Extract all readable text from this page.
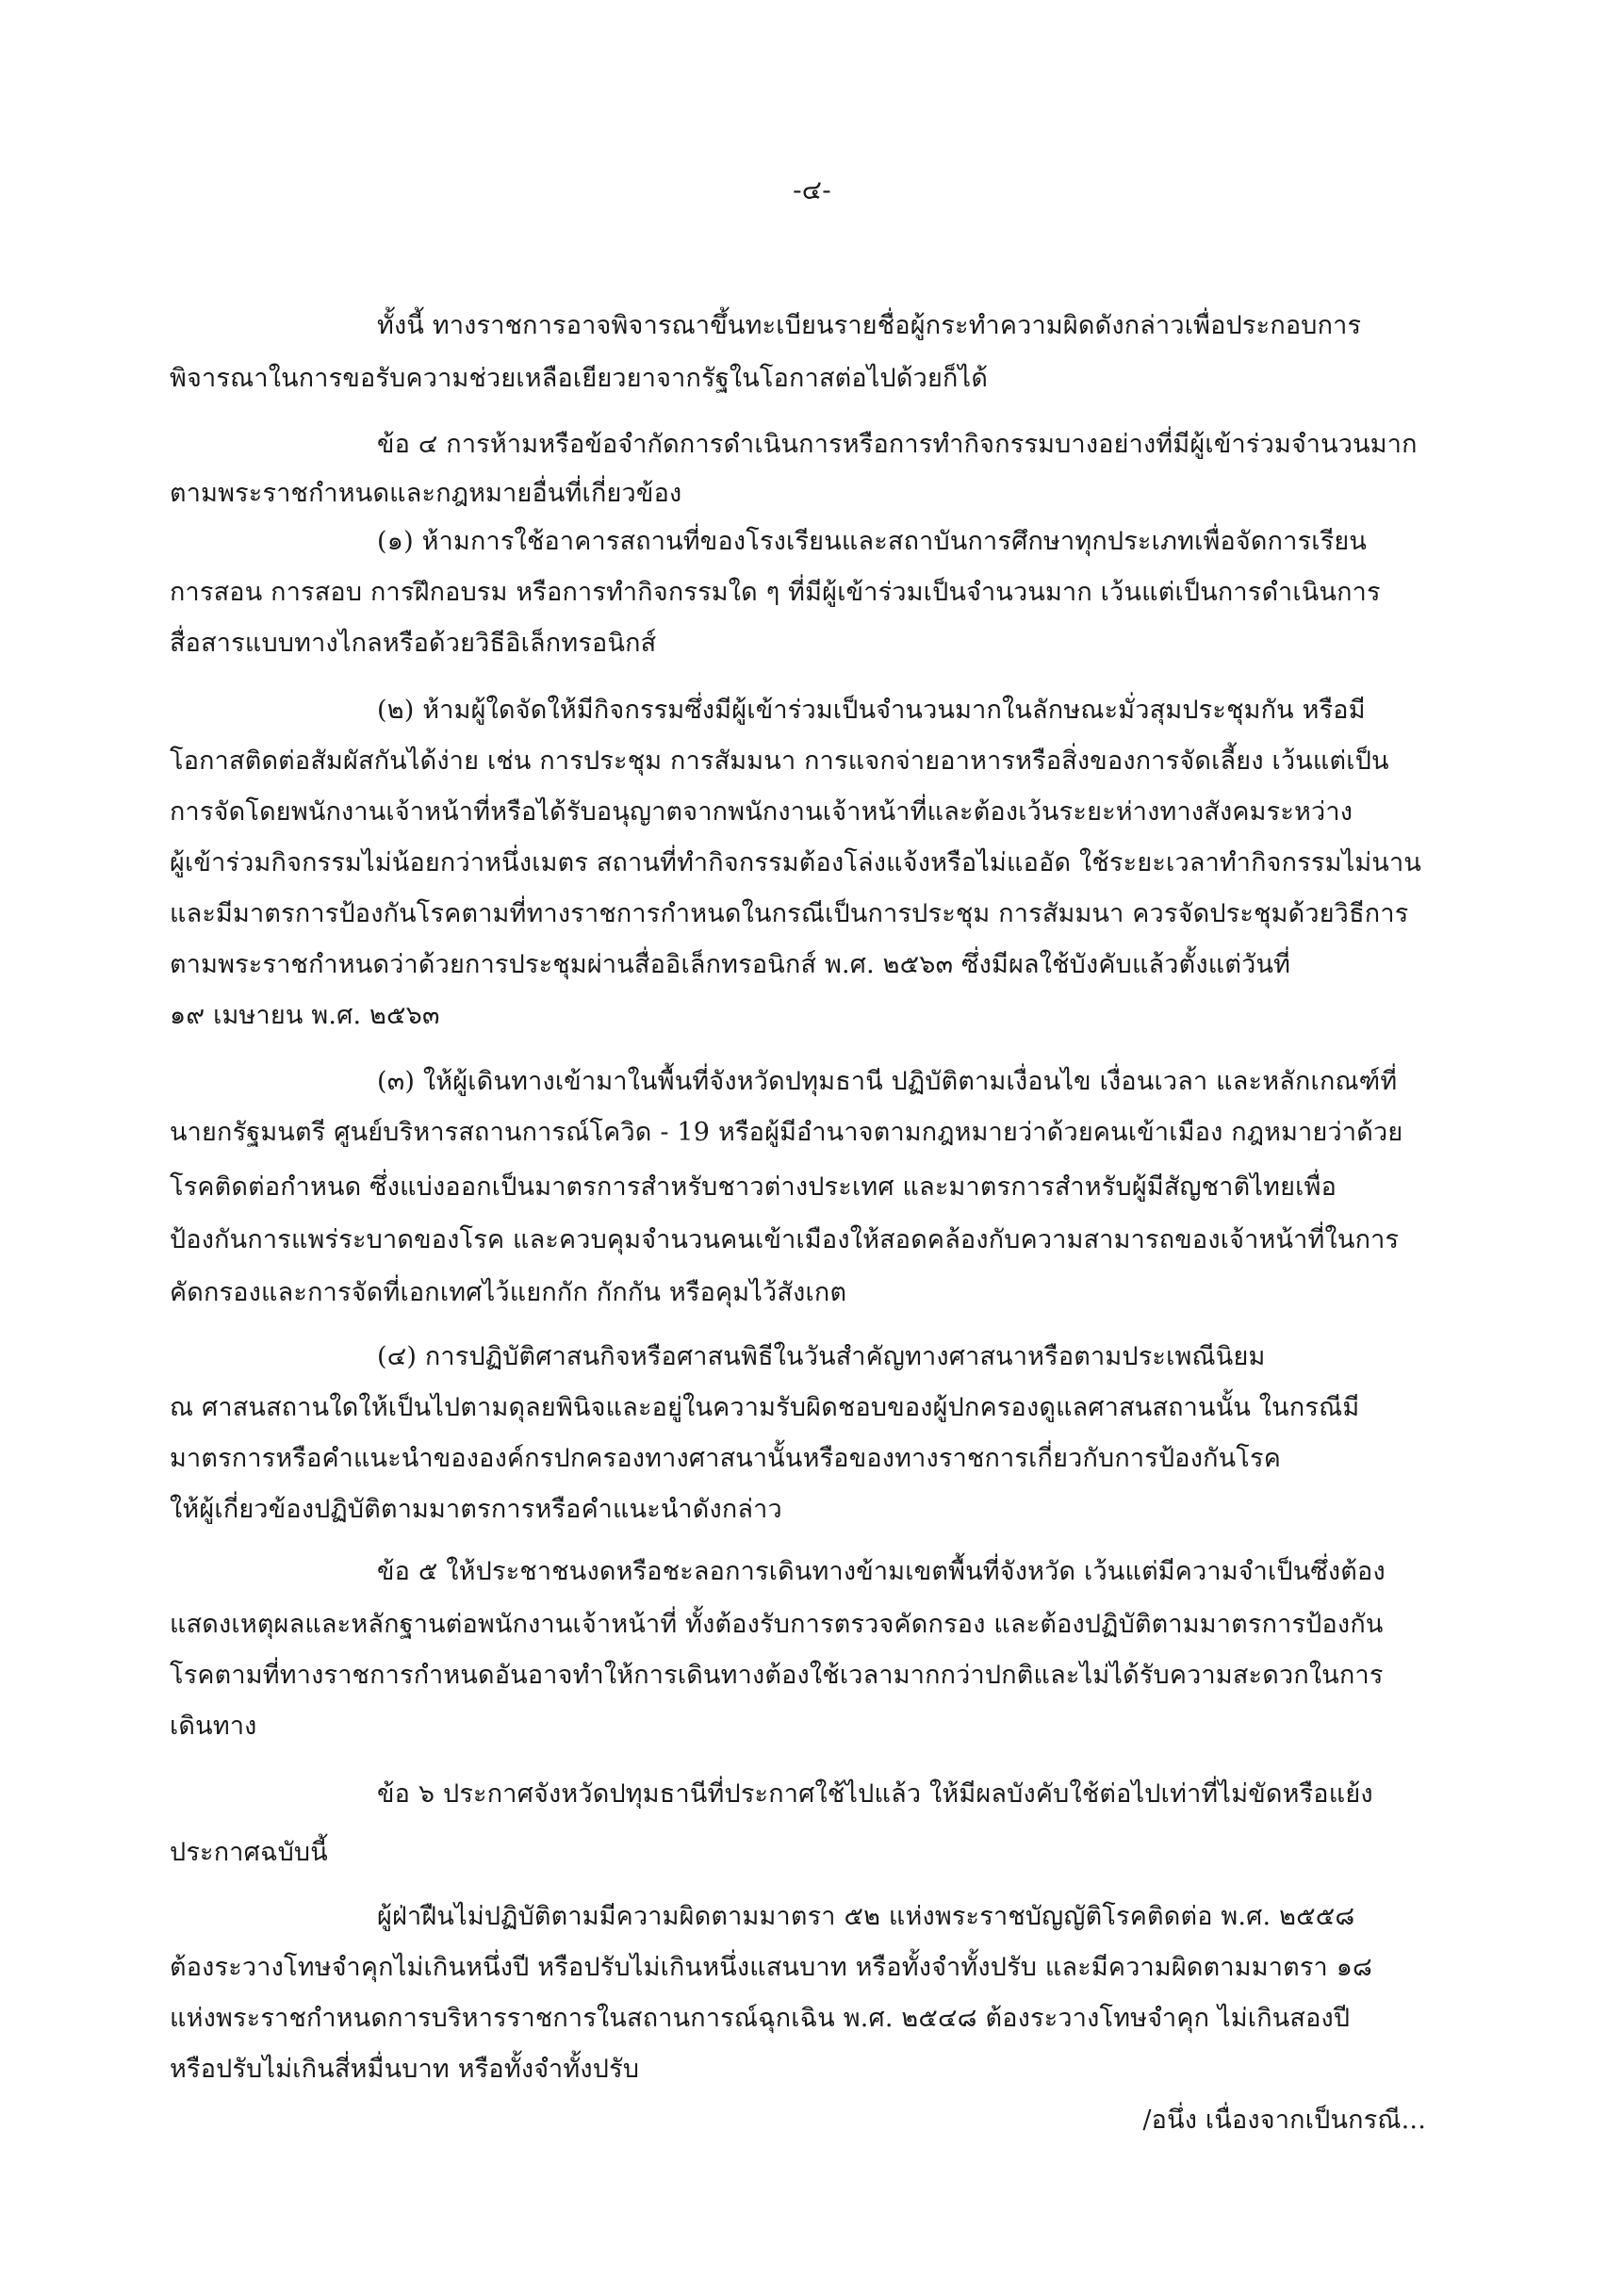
-๔-
ทั้งนี้ ทางราชการอาจพิจารณาขึ้นทะเบียนรายชื่อผู้กระทำความผิดดังกล่าวเพื่อประกอบการ
พิจารณาในการขอรับความช่วยเหลือเยียวยาจากรัฐในโอกาสต่อไปด้วยก็ได้
ข้อ ๔ การห้ามหรือข้อจำกัดการดำเนินการหรือการทำกิจกรรมบางอย่างที่มีผู้เข้าร่วมจำนวนมาก
ตามพระราชกำหนดและกฎหมายอื่นที่เกี่ยวข้อง
(๑) ห้ามการใช้อาคารสถานที่ของโรงเรียนและสถาบันการศึกษาทุกประเภทเพื่อจัดการเรียน
การสอน การสอบ การฝึกอบรม หรือการทำกิจกรรมใด ๆ ที่มีผู้เข้าร่วมเป็นจำนวนมาก เว้นแต่เป็นการดำเนินการ
สื่อสารแบบทางไกลหรือด้วยวิธีอิเล็กทรอนิกส์
(๒) ห้ามผู้ใดจัดให้มีกิจกรรมซึ่งมีผู้เข้าร่วมเป็นจำนวนมากในลักษณะมั่วสุมประชุมกัน หรือมี
โอกาสติดต่อสัมผัสกันได้ง่าย เช่น การประชุม การสัมมนา การแจกจ่ายอาหารหรือสิ่งของการจัดเลี้ยง เว้นแต่เป็น
การจัดโดยพนักงานเจ้าหน้าที่หรือได้รับอนุญาตจากพนักงานเจ้าหน้าที่และต้องเว้นระยะห่างทางสังคมระหว่าง
ผู้เข้าร่วมกิจกรรมไม่น้อยกว่าหนึ่งเมตร สถานที่ทำกิจกรรมต้องโล่งแจ้งหรือไม่แออัด ใช้ระยะเวลาทำกิจกรรมไม่นาน
และมีมาตรการป้องกันโรคตามที่ทางราชการกำหนดในกรณีเป็นการประชุม การสัมมนา ควรจัดประชุมด้วยวิธีการ
ตามพระราชกำหนดว่าด้วยการประชุมผ่านสื่ออิเล็กทรอนิกส์ พ.ศ. ๒๕๖๓ ซึ่งมีผลใช้บังคับแล้วตั้งแต่วันที่
๑๙ เมษายน พ.ศ. ๒๕๖๓
(๓) ให้ผู้เดินทางเข้ามาในพื้นที่จังหวัดปทุมธานี ปฏิบัติตามเงื่อนไข เงื่อนเวลา และหลักเกณฑ์ที่
นายกรัฐมนตรี ศูนย์บริหารสถานการณ์โควิด - 19 หรือผู้มีอำนาจตามกฎหมายว่าด้วยคนเข้าเมือง กฎหมายว่าด้วย
โรคติดต่อกำหนด ซึ่งแบ่งออกเป็นมาตรการสำหรับชาวต่างประเทศ และมาตรการสำหรับผู้มีสัญชาติไทยเพื่อ
ป้องกันการแพร่ระบาดของโรค และควบคุมจำนวนคนเข้าเมืองให้สอดคล้องกับความสามารถของเจ้าหน้าที่ในการ
คัดกรองและการจัดที่เอกเทศไว้แยกกัก กักกัน หรือคุมไว้สังเกต
(๔) การปฏิบัติศาสนกิจหรือศาสนพิธีในวันสำคัญทางศาสนาหรือตามประเพณีนิยม
ณ ศาสนสถานใดให้เป็นไปตามดุลยพินิจและอยู่ในความรับผิดชอบของผู้ปกครองดูแลศาสนสถานนั้น ในกรณีมี
มาตรการหรือคำแนะนำขององค์กรปกครองทางศาสนานั้นหรือของทางราชการเกี่ยวกับการป้องกันโรค
ให้ผู้เกี่ยวข้องปฏิบัติตามมาตรการหรือคำแนะนำดังกล่าว
ข้อ ๕ ให้ประชาชนงดหรือชะลอการเดินทางข้ามเขตพื้นที่จังหวัด เว้นแต่มีความจำเป็นซึ่งต้อง
แสดงเหตุผลและหลักฐานต่อพนักงานเจ้าหน้าที่ ทั้งต้องรับการตรวจคัดกรอง และต้องปฏิบัติตามมาตรการป้องกัน
โรคตามที่ทางราชการกำหนดอันอาจทำให้การเดินทางต้องใช้เวลามากกว่าปกติและไม่ได้รับความสะดวกในการ
เดินทาง
ข้อ ๖ ประกาศจังหวัดปทุมธานีที่ประกาศใช้ไปแล้ว ให้มีผลบังคับใช้ต่อไปเท่าที่ไม่ขัดหรือแย้ง
ประกาศฉบับนี้
ผู้ฝ่าฝืนไม่ปฏิบัติตามมีความผิดตามมาตรา ๕๒ แห่งพระราชบัญญัติโรคติดต่อ พ.ศ. ๒๕๕๘
ต้องระวางโทษจำคุกไม่เกินหนึ่งปี หรือปรับไม่เกินหนึ่งแสนบาท หรือทั้งจำทั้งปรับ และมีความผิดตามมาตรา ๑๘
แห่งพระราชกำหนดการบริหารราชการในสถานการณ์ฉุกเฉิน พ.ศ. ๒๕๔๘ ต้องระวางโทษจำคุก ไม่เกินสองปี
หรือปรับไม่เกินสี่หมื่นบาท หรือทั้งจำทั้งปรับ
/อนึ่ง เนื่องจากเป็นกรณี...
